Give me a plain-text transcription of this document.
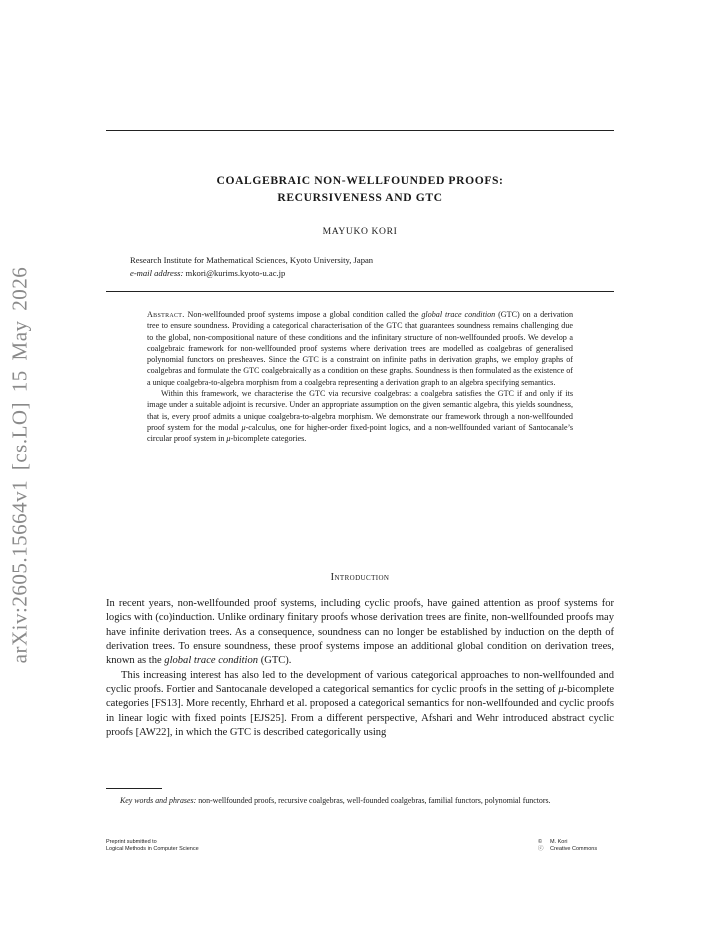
arXiv:2605.15664v1 [cs.LO] 15 May 2026
COALGEBRAIC NON-WELLFOUNDED PROOFS:
RECURSIVENESS AND GTC
MAYUKO KORI
Research Institute for Mathematical Sciences, Kyoto University, Japan
e-mail address: mkori@kurims.kyoto-u.ac.jp

Abstract. Non-wellfounded proof systems impose a global condition called the global trace condition (GTC) on a derivation tree to ensure soundness. Providing a categorical characterisation of the GTC that guarantees soundness remains challenging due to the global, non-compositional nature of these conditions and the infinitary structure of non-wellfounded proofs. We develop a coalgebraic framework for non-wellfounded proof systems where derivation trees are modelled as coalgebras of generalised polynomial functors on presheaves. Since the GTC is a constraint on infinite paths in derivation graphs, we employ graphs of coalgebras and formulate the GTC coalgebraically as a condition on these graphs. Soundness is then formulated as the existence of a unique coalgebra-to-algebra morphism from a coalgebra representing a derivation graph to an algebra specifying semantics.

Within this framework, we characterise the GTC via recursive coalgebras: a coalgebra satisfies the GTC if and only if its image under a suitable adjoint is recursive. Under an appropriate assumption on the given semantic algebra, this yields soundness, that is, every proof admits a unique coalgebra-to-algebra morphism. We demonstrate our framework through a non-wellfounded proof system for the modal μ-calculus, one for higher-order fixed-point logics, and a non-wellfounded variant of Santocanale’s circular proof system in μ-bicomplete categories.

Introduction

In recent years, non-wellfounded proof systems, including cyclic proofs, have gained attention as proof systems for logics with (co)induction. Unlike ordinary finitary proofs whose derivation trees are finite, non-wellfounded proofs may have infinite derivation trees. As a consequence, soundness can no longer be established by induction on the depth of derivation trees. To ensure soundness, these proof systems impose an additional global condition on derivation trees, known as the global trace condition (GTC).

This increasing interest has also led to the development of various categorical approaches to non-wellfounded and cyclic proofs. Fortier and Santocanale developed a categorical semantics for cyclic proofs in the setting of μ-bicomplete categories [FS13]. More recently, Ehrhard et al. proposed a categorical semantics for non-wellfounded and cyclic proofs in linear logic with fixed points [EJS25]. From a different perspective, Afshari and Wehr introduced abstract cyclic proofs [AW22], in which the GTC is described categorically using

Key words and phrases: non-wellfounded proofs, recursive coalgebras, well-founded coalgebras, familial functors, polynomial functors.
Preprint submitted to
Logical Methods in Computer Science
© M. Kori
ⓒ Creative Commons
